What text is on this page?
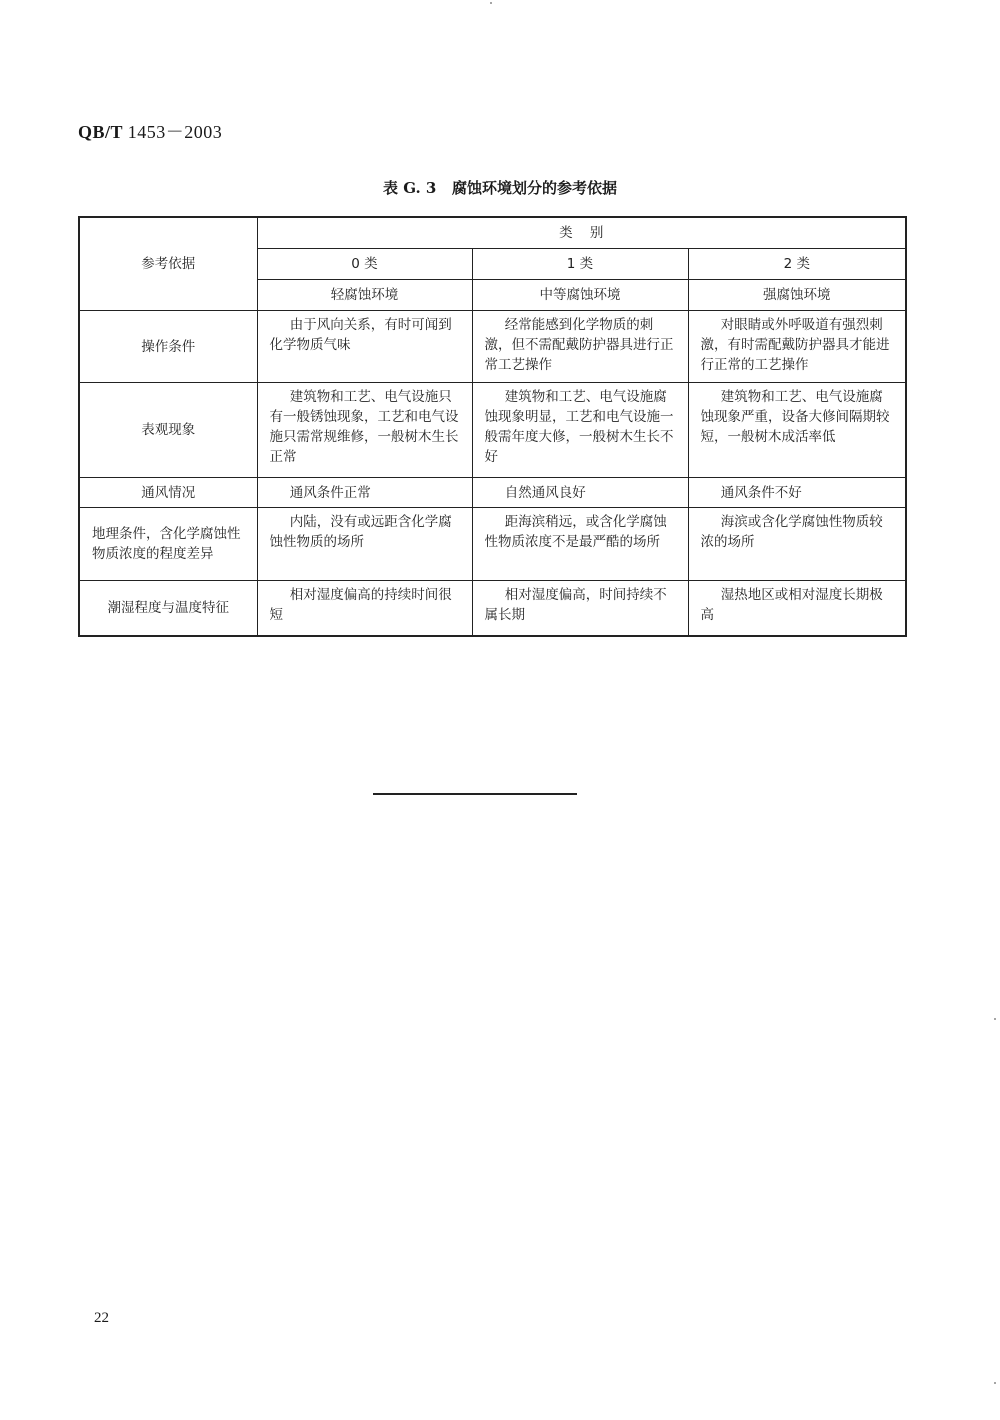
QB/T 1453－2003
表 G. 3   腐蚀环境划分的参考依据
参考依据	类    别		
	0 类	1 类	2 类
	轻腐蚀环境	中等腐蚀环境	强腐蚀环境
操作条件	由于风向关系，有时可闻到化学物质气味	经常能感到化学物质的刺激，但不需配戴防护器具进行正常工艺操作	对眼睛或外呼吸道有强烈刺激，有时需配戴防护器具才能进行正常的工艺操作

表观现象	建筑物和工艺、电气设施只有一般锈蚀现象，工艺和电气设施只需常规维修，一般树木生长正常	建筑物和工艺、电气设施腐蚀现象明显，工艺和电气设施一般需年度大修，一般树木生长不好	建筑物和工艺、电气设施腐蚀现象严重，设备大修间隔期较短，一般树木成活率低

通风情况	通风条件正常	自然通风良好	通风条件不好

地理条件，含化学腐蚀性物质浓度的程度差异	内陆，没有或远距含化学腐蚀性物质的场所	距海滨稍远，或含化学腐蚀性物质浓度不是最严酷的场所	海滨或含化学腐蚀性物质较浓的场所

潮湿程度与温度特征	相对湿度偏高的持续时间很短	相对湿度偏高，时间持续不属长期	湿热地区或相对湿度长期极高
22
